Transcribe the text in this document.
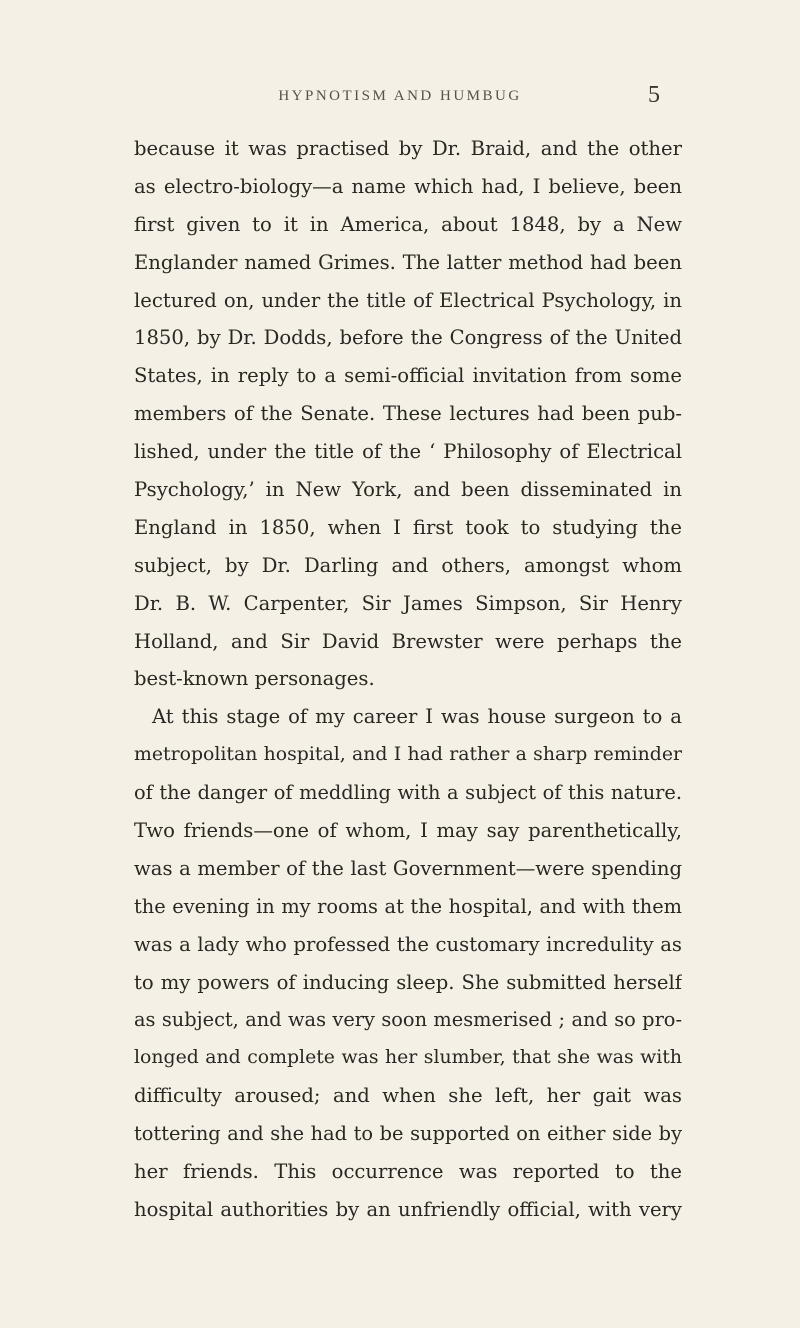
HYPNOTISM AND HUMBUG	5
because it was practised by Dr. Braid, and the other
as electro-biology—a name which had, I believe, been
first given to it in America, about 1848, by a New
Englander named Grimes. The latter method had been
lectured on, under the title of Electrical Psychology, in
1850, by Dr. Dodds, before the Congress of the United
States, in reply to a semi-official invitation from some
members of the Senate. These lectures had been pub-
lished, under the title of the ‘ Philosophy of Electrical
Psychology,’ in New York, and been disseminated in
England in 1850, when I first took to studying the
subject, by Dr. Darling and others, amongst whom
Dr. B. W. Carpenter, Sir James Simpson, Sir Henry
Holland, and Sir David Brewster were perhaps the
best-known personages.
At this stage of my career I was house surgeon to a
metropolitan hospital, and I had rather a sharp reminder
of the danger of meddling with a subject of this nature.
Two friends—one of whom, I may say parenthetically,
was a member of the last Government—were spending
the evening in my rooms at the hospital, and with them
was a lady who professed the customary incredulity as
to my powers of inducing sleep. She submitted herself
as subject, and was very soon mesmerised ; and so pro-
longed and complete was her slumber, that she was with
difficulty aroused; and when she left, her gait was
tottering and she had to be supported on either side by
her friends. This occurrence was reported to the
hospital authorities by an unfriendly official, with very
